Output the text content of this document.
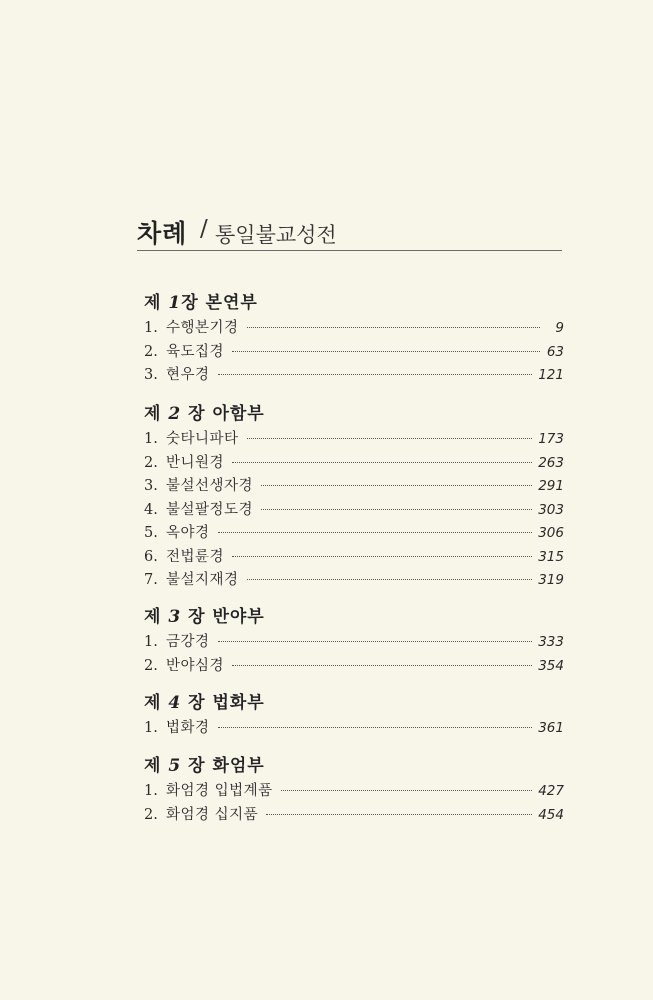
차례 / 통일불교성전
제 1장 본연부
1. 수행본기경	9
2. 육도집경	63
3. 현우경	121
제 2 장 아함부
1. 숫타니파타	173
2. 반니원경	263
3. 불설선생자경	291
4. 불설팔정도경	303
5. 옥야경	306
6. 전법륜경	315
7. 불설지재경	319
제 3 장 반야부
1. 금강경	333
2. 반야심경	354
제 4 장 법화부
1. 법화경	361
제 5 장 화엄부
1. 화엄경 입법계품	427
2. 화엄경 십지품	454
